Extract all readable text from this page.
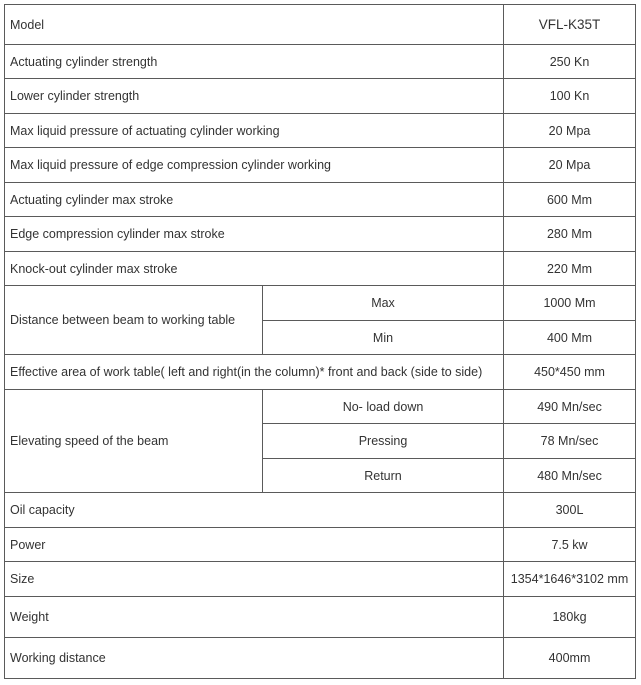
Model		VFL-K35T
Actuating cylinder strength		250 Kn
Lower cylinder strength		100 Kn
Max liquid pressure of actuating cylinder working		20 Mpa
Max liquid pressure of edge compression cylinder working		20 Mpa
Actuating cylinder max stroke		600 Mm
Edge compression cylinder max stroke		280 Mm
Knock-out cylinder max stroke		220 Mm
Distance between beam to working table	Max	1000 Mm
	Min	400 Mm
Effective area of work table( left and right(in the column)* front and back (side to side)		450*450 mm
Elevating speed of the beam	No- load down	490 Mn/sec
	Pressing	78 Mn/sec
	Return	480 Mn/sec
Oil capacity		300L
Power		7.5 kw
Size		1354*1646*3102 mm
Weight		180kg
Working distance		400mm
